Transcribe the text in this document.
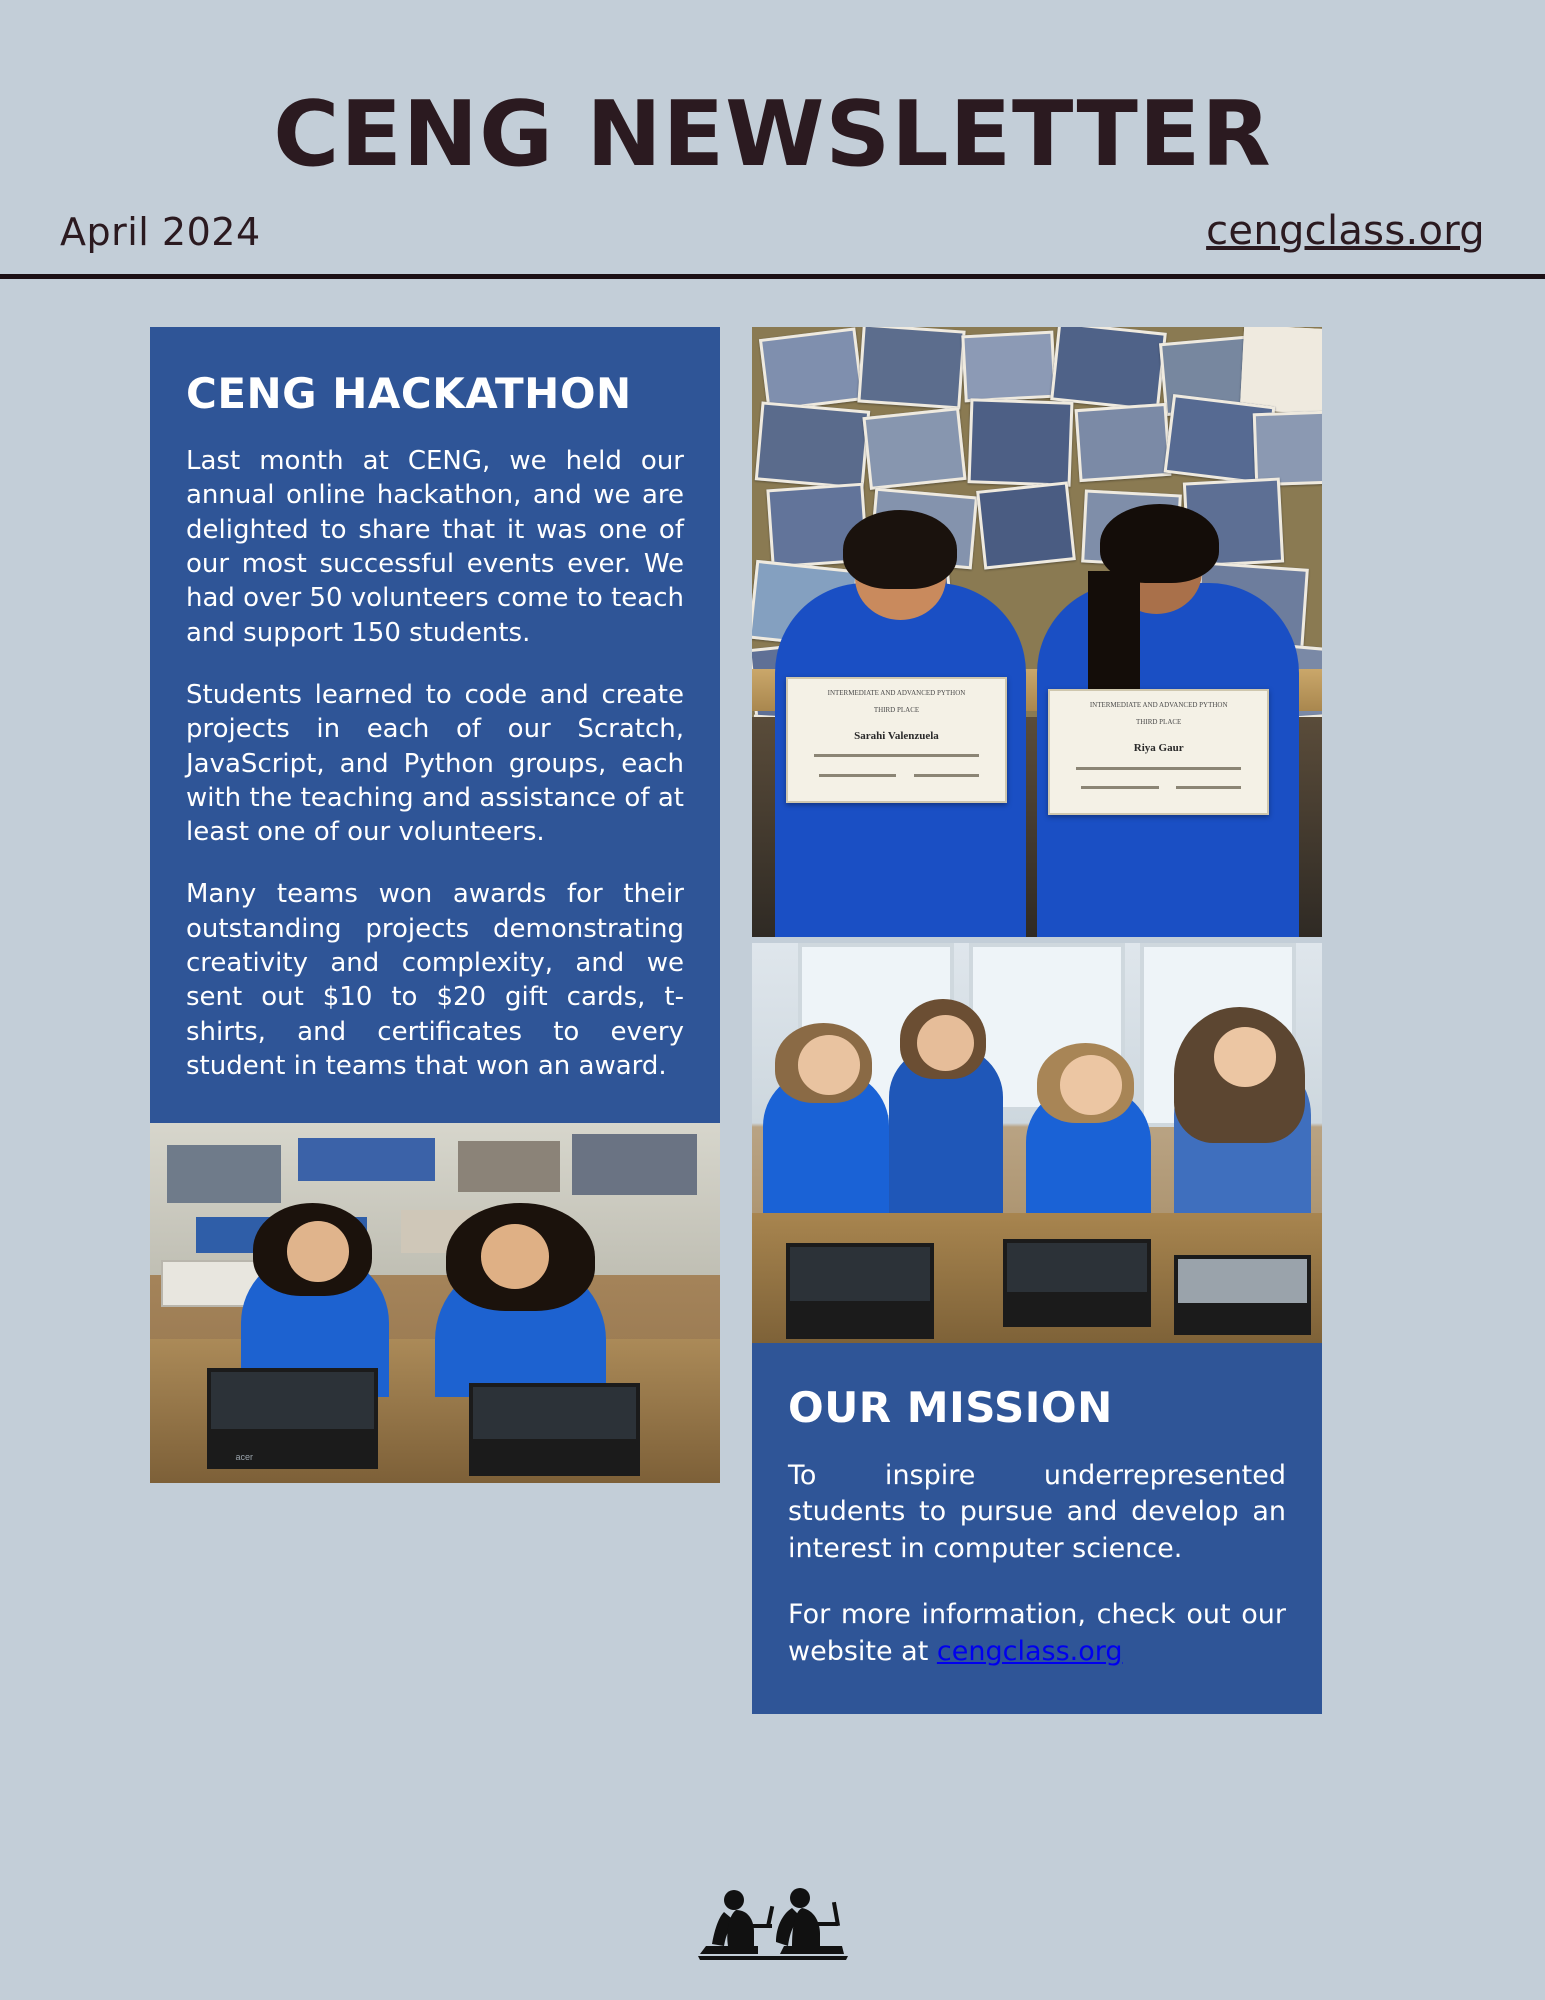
CENG NEWSLETTER
April 2024	cengclass.org
CENG HACKATHON

Last month at CENG, we held our annual online hackathon, and we are delighted to share that it was one of our most successful events ever. We had over 50 volunteers come to teach and support 150 students.

Students learned to code and create projects in each of our Scratch, JavaScript, and Python groups, each with the teaching and assistance of at least one of our volunteers.

Many teams won awards for their outstanding projects demonstrating creativity and complexity, and we sent out $10 to $20 gift cards, t-shirts, and certificates to every student in teams that won an award.

acer
INTERMEDIATE AND ADVANCED PYTHON
THIRD PLACE
Sarahi Valenzuela
INTERMEDIATE AND ADVANCED PYTHON
THIRD PLACE
Riya Gaur
OUR MISSION

To inspire underrepresented students to pursue and develop an interest in computer science.

For more information, check out our website at cengclass.org
